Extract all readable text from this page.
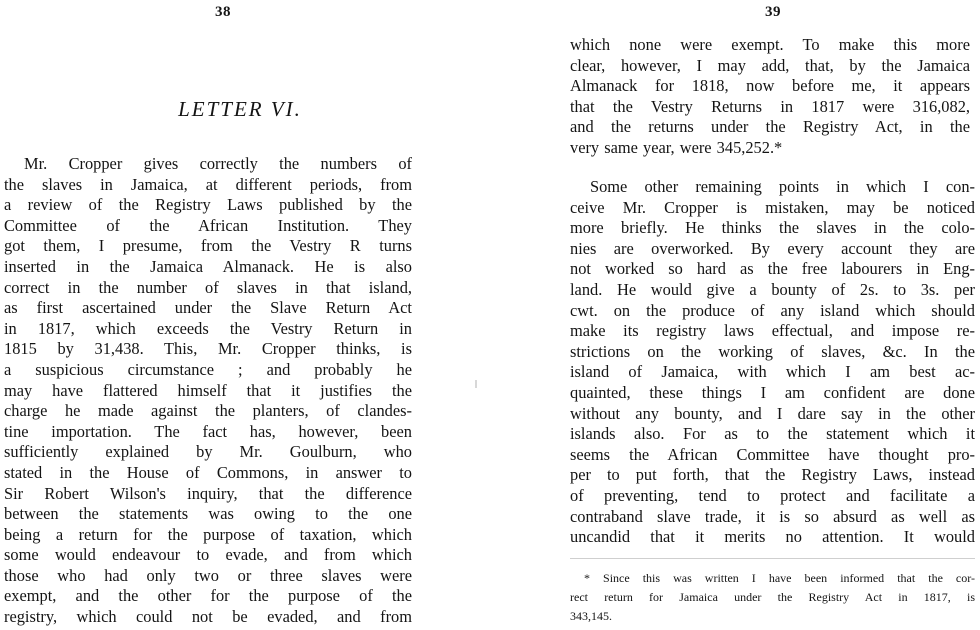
38
LETTER VI.
Mr. Cropper gives correctly the numbers of
the slaves in Jamaica, at different periods, from
a review of the Registry Laws published by the
Committee of the African Institution. They
got them, I presume, from the Vestry R turns
inserted in the Jamaica Almanack. He is also
correct in the number of slaves in that island,
as first ascertained under the Slave Return Act
in 1817, which exceeds the Vestry Return in
1815 by 31,438. This, Mr. Cropper thinks, is
a suspicious circumstance ; and probably he
may have flattered himself that it justifies the
charge he made against the planters, of clandes-
tine importation. The fact has, however, been
sufficiently explained by Mr. Goulburn, who
stated in the House of Commons, in answer to
Sir Robert Wilson's inquiry, that the difference
between the statements was owing to the one
being a return for the purpose of taxation, which
some would endeavour to evade, and from which
those who had only two or three slaves were
exempt, and the other for the purpose of the
registry, which could not be evaded, and from
39
which none were exempt. To make this more
clear, however, I may add, that, by the Jamaica
Almanack for 1818, now before me, it appears
that the Vestry Returns in 1817 were 316,082,
and the returns under the Registry Act, in the
very same year, were 345,252.*
Some other remaining points in which I con-
ceive Mr. Cropper is mistaken, may be noticed
more briefly. He thinks the slaves in the colo-
nies are overworked. By every account they are
not worked so hard as the free labourers in Eng-
land. He would give a bounty of 2s. to 3s. per
cwt. on the produce of any island which should
make its registry laws effectual, and impose re-
strictions on the working of slaves, &c. In the
island of Jamaica, with which I am best ac-
quainted, these things I am confident are done
without any bounty, and I dare say in the other
islands also. For as to the statement which it
seems the African Committee have thought pro-
per to put forth, that the Registry Laws, instead
of preventing, tend to protect and facilitate a
contraband slave trade, it is so absurd as well as
uncandid that it merits no attention. It would
* Since this was written I have been informed that the cor-
rect return for Jamaica under the Registry Act in 1817, is
343,145.
